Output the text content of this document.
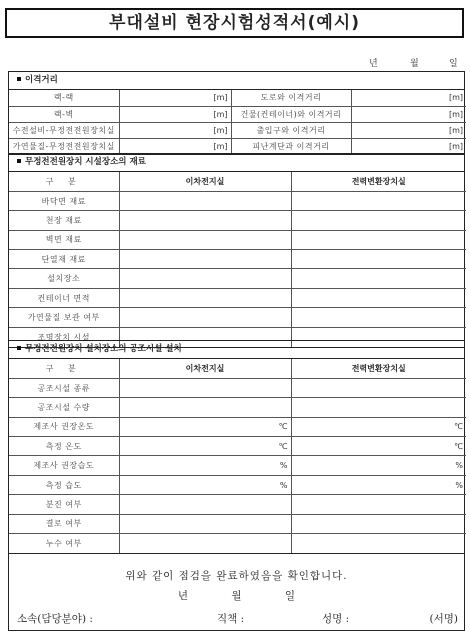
부대설비 현장시험성적서(예시)
년	월	일
이격거리
랙-랙	[m]	도로와 이격거리	[m]
랙-벽	[m]	건물(컨테이너)와 이격거리	[m]
수전설비-무정전전원장치실	[m]	출입구와 이격거리	[m]
가연물질-무정전전원장치실	[m]	피난계단과 이격거리	[m]
무정전전원장치 시설장소의 재료
구 분	이차전지실	전력변환장치실
바닥면 재료		
천장 재료		
벽면 재료		
단열재 재료		
설치장소		
컨테이너 면적		
가연물질 보관 여부		
조명장치 시설		
무정전전원장치 설치장소의 공조시설 설치
구 분	이차전지실	전력변환장치실
공조시설 종류		
공조시설 수량		
제조사 권장온도	℃	℃
측정 온도	℃	℃
제조사 권장습도	%	%
측정 습도	%	%
분진 여부		
결로 여부		
누수 여부		
위와 같이 점검을 완료하였음을 확인합니다.
년	월	일
소속(담당분야) :	직책 :	성명 :	(서명)
